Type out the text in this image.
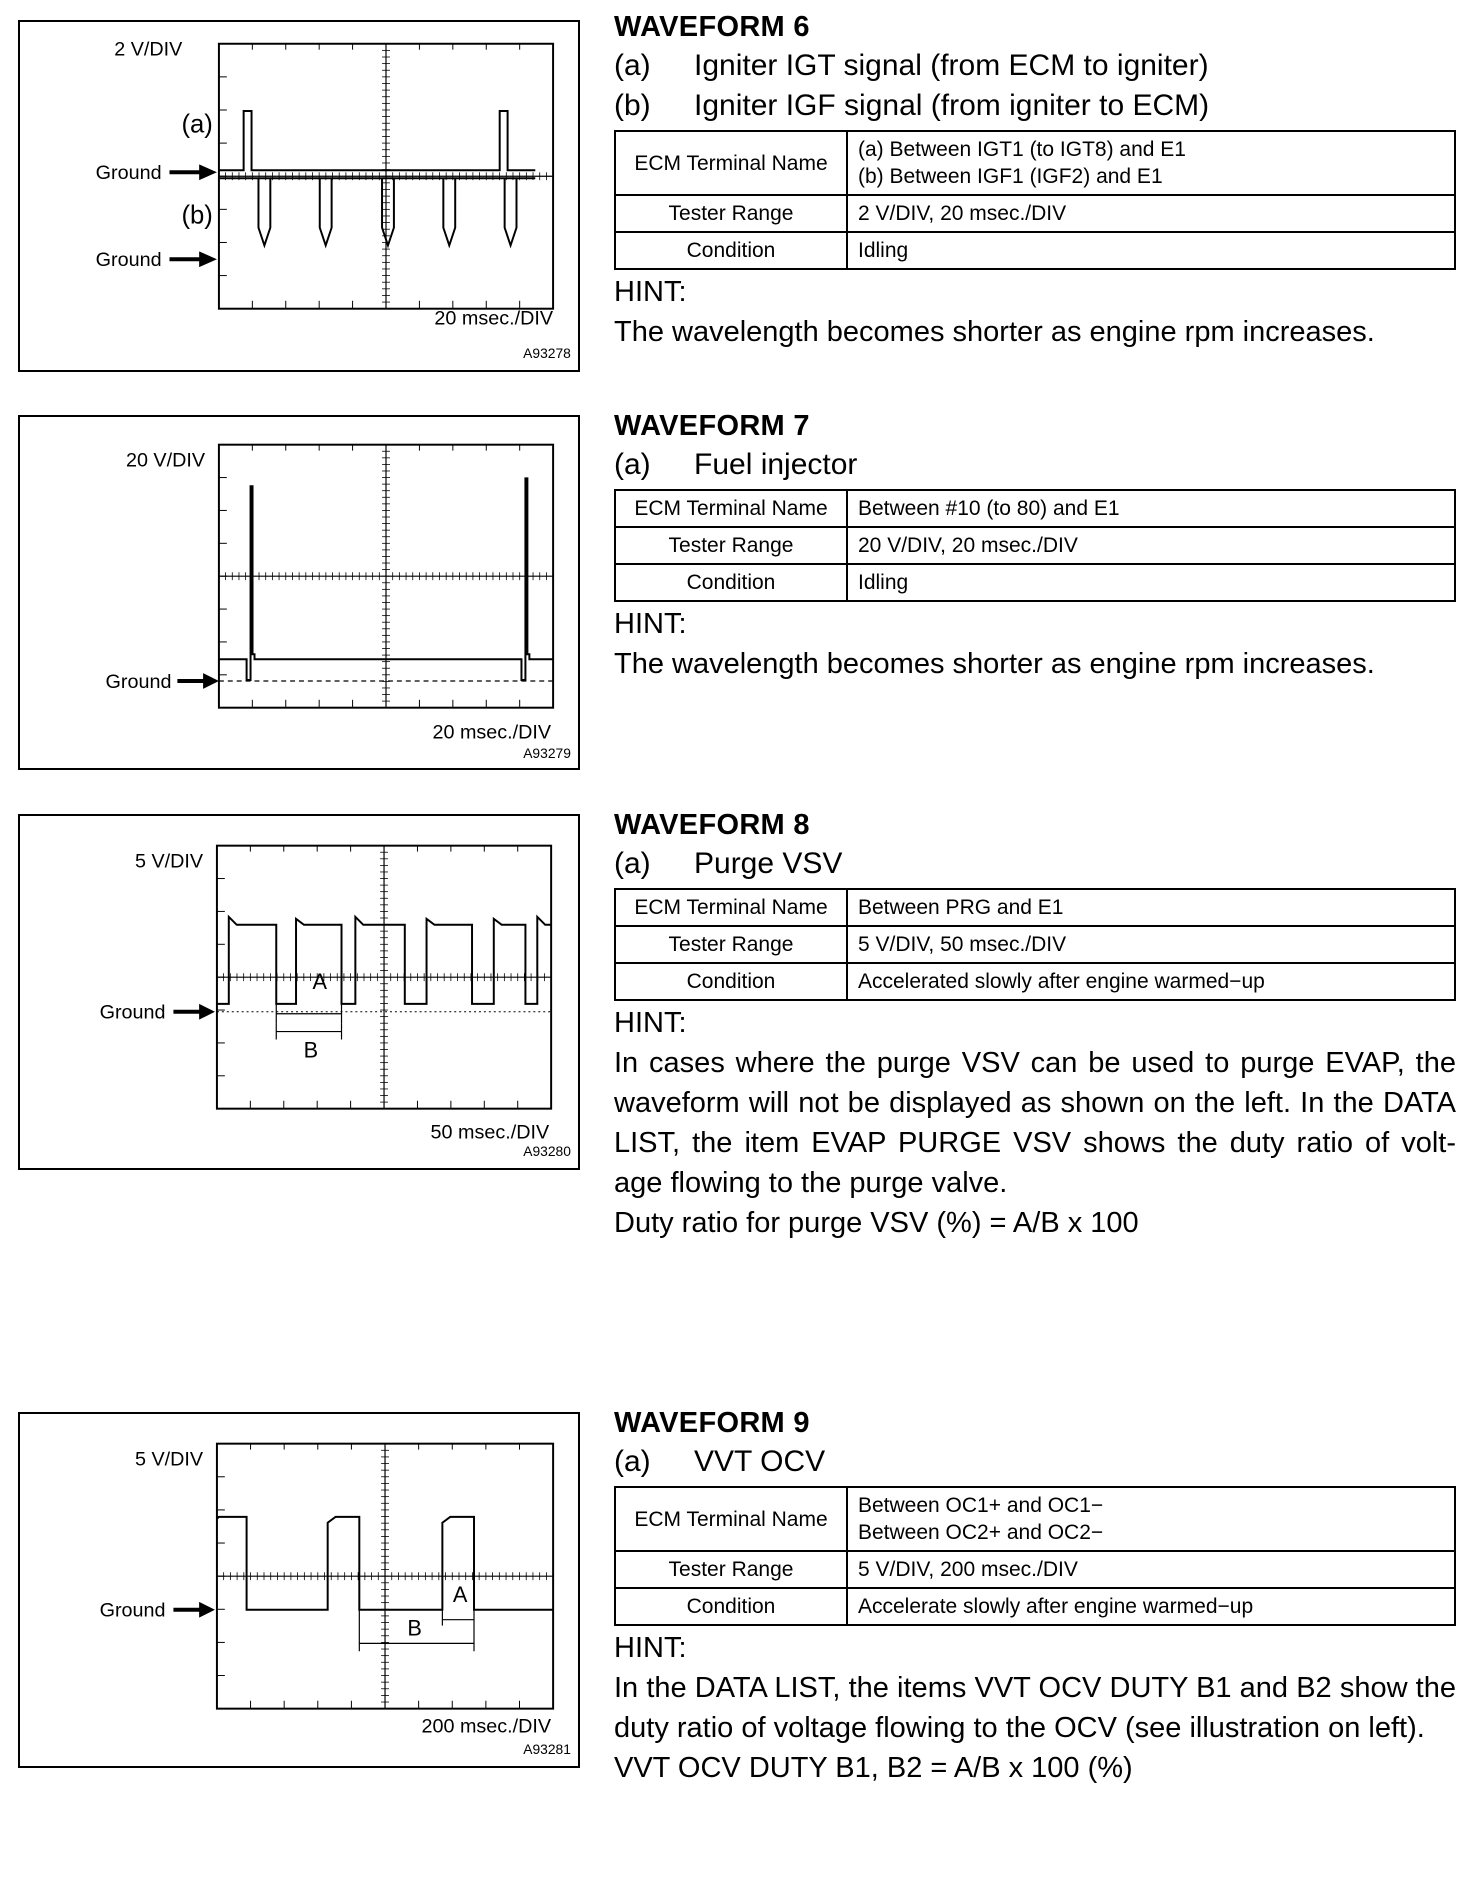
2 V/DIV
20 msec./DIV
A93278
(a)
(b)
Ground
Ground
WAVEFORM 6
(a)	Igniter IGT signal (from ECM to igniter)
(b)	Igniter IGF signal (from igniter to ECM)
ECM Terminal Name	(a) Between IGT1 (to IGT8) and E1
(b) Between IGF1 (IGF2) and E1

Tester Range	2 V/DIV, 20 msec./DIV
Condition	Idling
HINT:
The wavelength becomes shorter as engine rpm increases.
20 V/DIV
20 msec./DIV
A93279
Ground
WAVEFORM 7
(a)	Fuel injector
ECM Terminal Name	Between #10 (to 80) and E1
Tester Range	20 V/DIV, 20 msec./DIV
Condition	Idling
HINT:
The wavelength becomes shorter as engine rpm increases.
5 V/DIV
50 msec./DIV
A93280
Ground
A
B
WAVEFORM 8
(a)	Purge VSV
ECM Terminal Name	Between PRG and E1
Tester Range	5 V/DIV, 50 msec./DIV
Condition	Accelerated slowly after engine warmed−up
HINT:
In cases where the purge VSV can be used to purge EVAP, the waveform will not be displayed as shown on the left. In the DATA LIST, the item EVAP PURGE VSV shows the duty ratio of volt- age flowing to the purge valve.
Duty ratio for purge VSV (%) = A/B x 100
5 V/DIV
200 msec./DIV
A93281
Ground
B
A
WAVEFORM 9
(a)	VVT OCV
ECM Terminal Name	Between OC1+ and OC1−
Between OC2+ and OC2−

Tester Range	5 V/DIV, 200 msec./DIV
Condition	Accelerate slowly after engine warmed−up
HINT:
In the DATA LIST, the items VVT OCV DUTY B1 and B2 show the duty ratio of voltage flowing to the OCV (see illustration on left).
VVT OCV DUTY B1, B2 = A/B x 100 (%)
